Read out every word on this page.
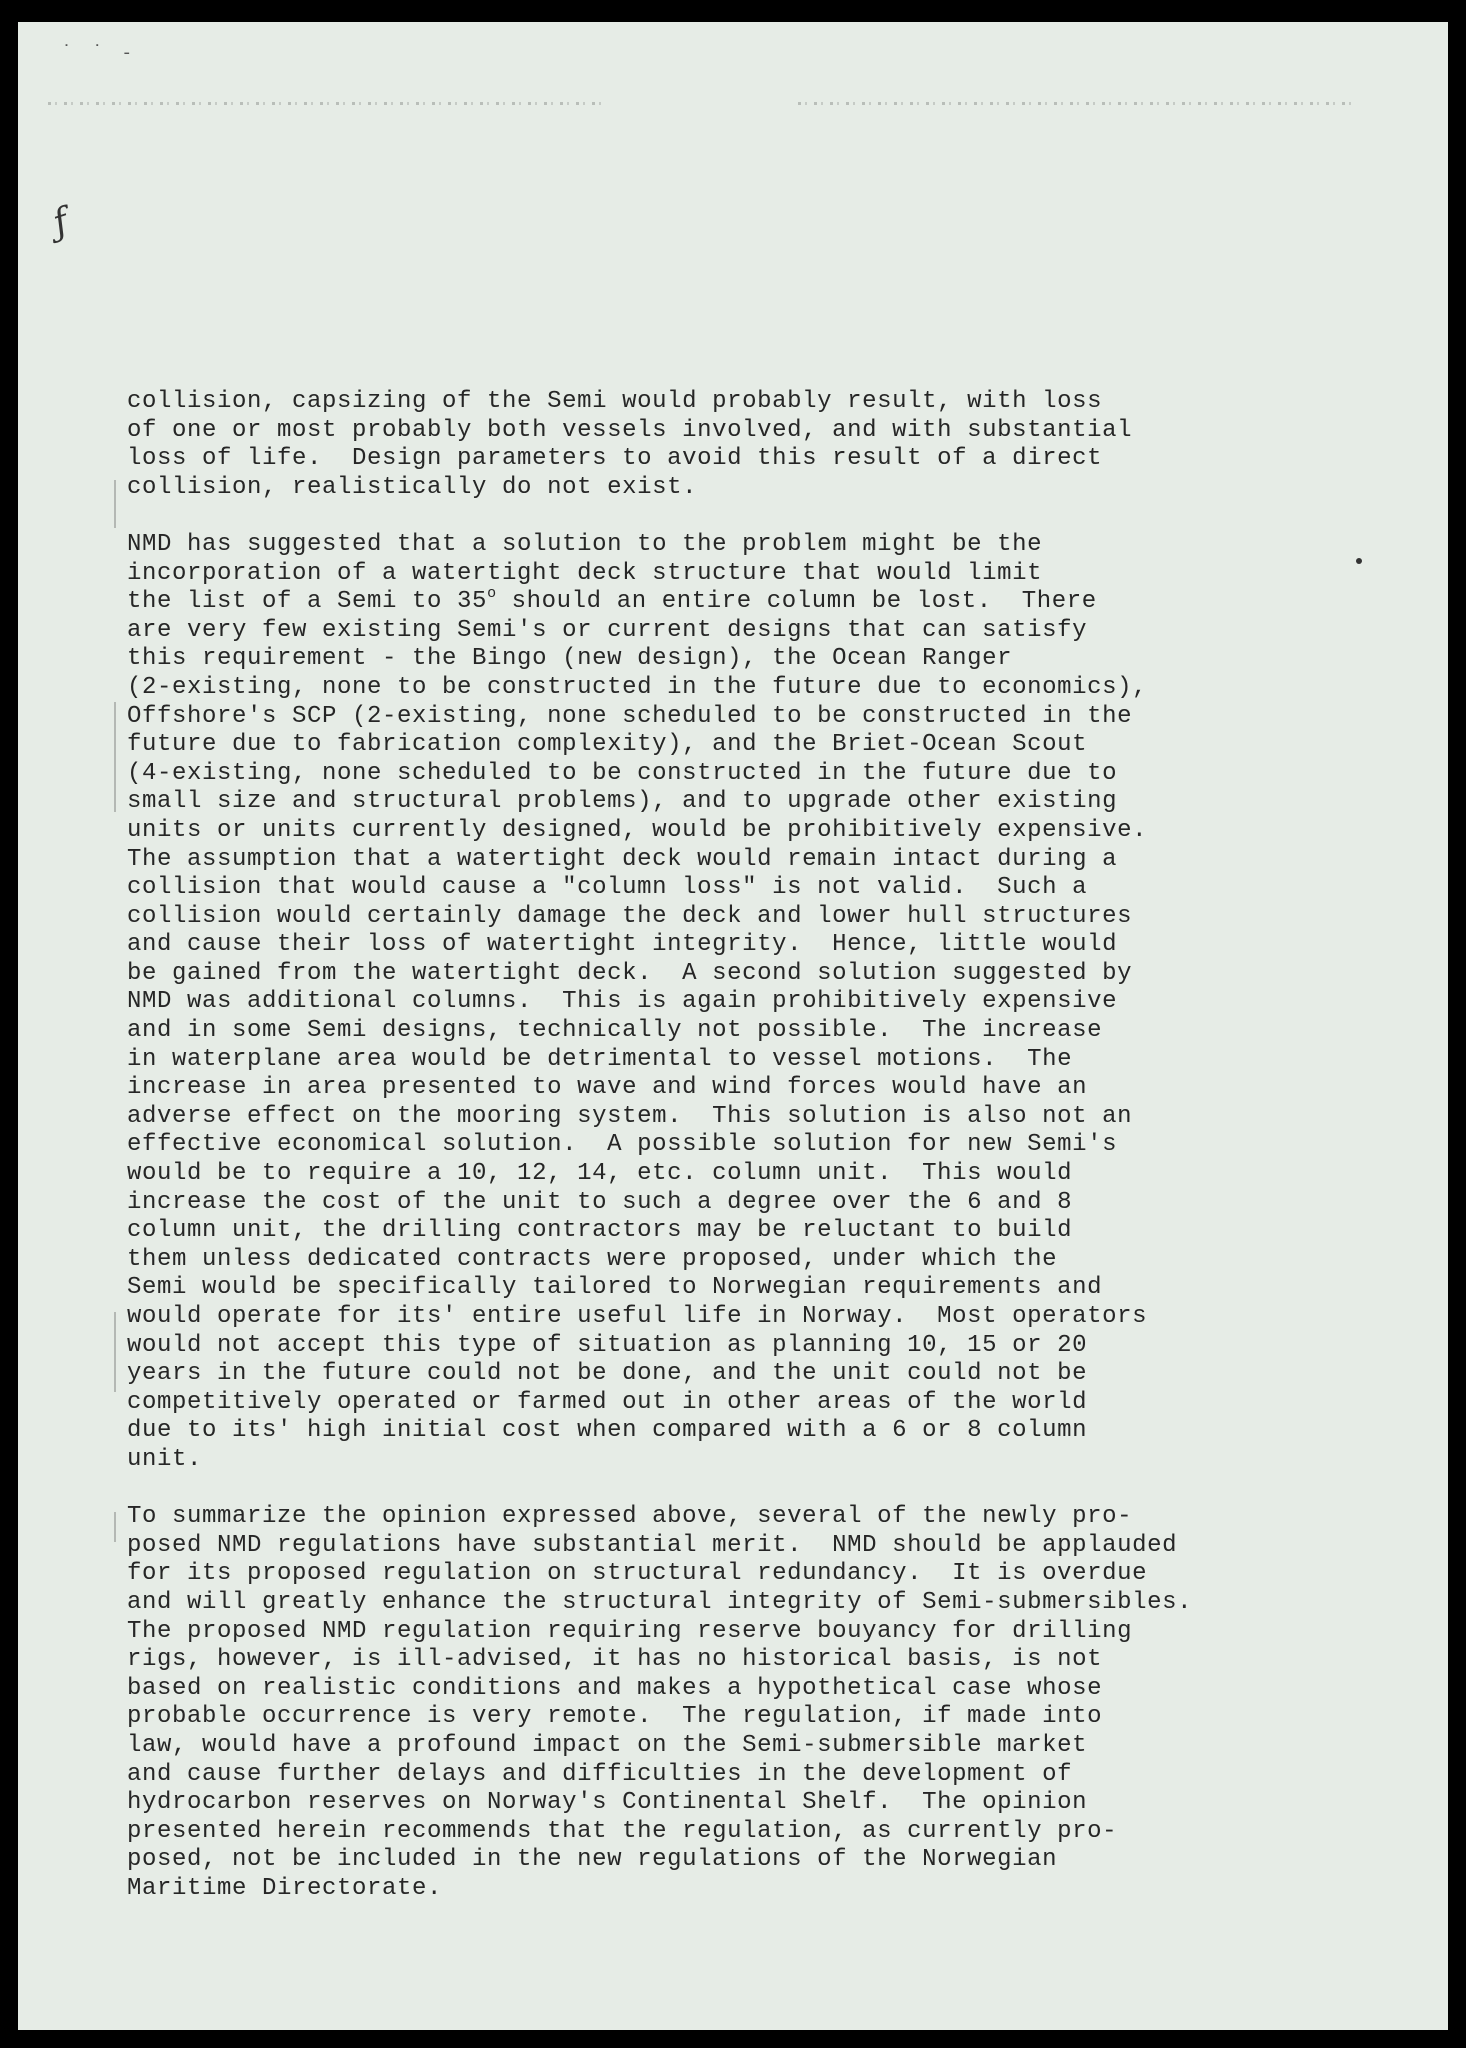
˙ ˙ -
ƒ
collision, capsizing of the Semi would probably result, with loss
of one or most probably both vessels involved, and with substantial
loss of life.  Design parameters to avoid this result of a direct
collision, realistically do not exist.
NMD has suggested that a solution to the problem might be the
incorporation of a watertight deck structure that would limit
the list of a Semi to 35$^o$ should an entire column be lost.  There
are very few existing Semi's or current designs that can satisfy
this requirement - the Bingo (new design), the Ocean Ranger
(2-existing, none to be constructed in the future due to economics),
Offshore's SCP (2-existing, none scheduled to be constructed in the
future due to fabrication complexity), and the Briet-Ocean Scout
(4-existing, none scheduled to be constructed in the future due to
small size and structural problems), and to upgrade other existing
units or units currently designed, would be prohibitively expensive.
The assumption that a watertight deck would remain intact during a
collision that would cause a "column loss" is not valid.  Such a
collision would certainly damage the deck and lower hull structures
and cause their loss of watertight integrity.  Hence, little would
be gained from the watertight deck.  A second solution suggested by
NMD was additional columns.  This is again prohibitively expensive
and in some Semi designs, technically not possible.  The increase
in waterplane area would be detrimental to vessel motions.  The
increase in area presented to wave and wind forces would have an
adverse effect on the mooring system.  This solution is also not an
effective economical solution.  A possible solution for new Semi's
would be to require a 10, 12, 14, etc. column unit.  This would
increase the cost of the unit to such a degree over the 6 and 8
column unit, the drilling contractors may be reluctant to build
them unless dedicated contracts were proposed, under which the
Semi would be specifically tailored to Norwegian requirements and
would operate for its' entire useful life in Norway.  Most operators
would not accept this type of situation as planning 10, 15 or 20
years in the future could not be done, and the unit could not be
competitively operated or farmed out in other areas of the world
due to its' high initial cost when compared with a 6 or 8 column
unit.
To summarize the opinion expressed above, several of the newly pro-
posed NMD regulations have substantial merit.  NMD should be applauded
for its proposed regulation on structural redundancy.  It is overdue
and will greatly enhance the structural integrity of Semi-submersibles.
The proposed NMD regulation requiring reserve bouyancy for drilling
rigs, however, is ill-advised, it has no historical basis, is not
based on realistic conditions and makes a hypothetical case whose
probable occurrence is very remote.  The regulation, if made into
law, would have a profound impact on the Semi-submersible market
and cause further delays and difficulties in the development of
hydrocarbon reserves on Norway's Continental Shelf.  The opinion
presented herein recommends that the regulation, as currently pro-
posed, not be included in the new regulations of the Norwegian
Maritime Directorate.
